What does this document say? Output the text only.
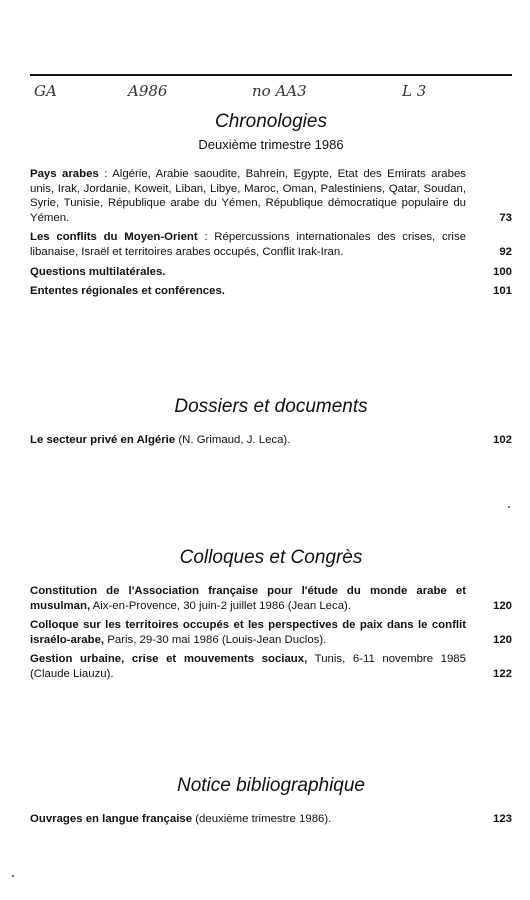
GA	A986	no AA3	L 3
Chronologies

Deuxième trimestre 1986

Pays arabes : Algérie, Arabie saoudite, Bahrein, Egypte, Etat des Emirats arabes unis, Irak, Jordanie, Koweit, Liban, Libye, Maroc, Oman, Palestiniens, Qatar, Soudan, Syrie, Tunisie, République arabe du Yémen, République démocratique populaire du Yémen.	73
Les conflits du Moyen-Orient : Répercussions internationales des crises, crise libanaise, Israël et territoires arabes occupés, Conflit Irak-Iran.	92
Questions multilatérales.	100
Ententes régionales et conférences.	101
Dossiers et documents
Le secteur privé en Algérie (N. Grimaud, J. Leca).	102
Colloques et Congrès
Constitution de l'Association française pour l'étude du monde arabe et musulman, Aix-en-Provence, 30 juin-2 juillet 1986 (Jean Leca).	120
Colloque sur les territoires occupés et les perspectives de paix dans le conflit israélo-arabe, Paris, 29-30 mai 1986 (Louis-Jean Duclos).	120
Gestion urbaine, crise et mouvements sociaux, Tunis, 6-11 novembre 1985 (Claude Liauzu).	122
Notice bibliographique
Ouvrages en langue française (deuxième trimestre 1986).	123
